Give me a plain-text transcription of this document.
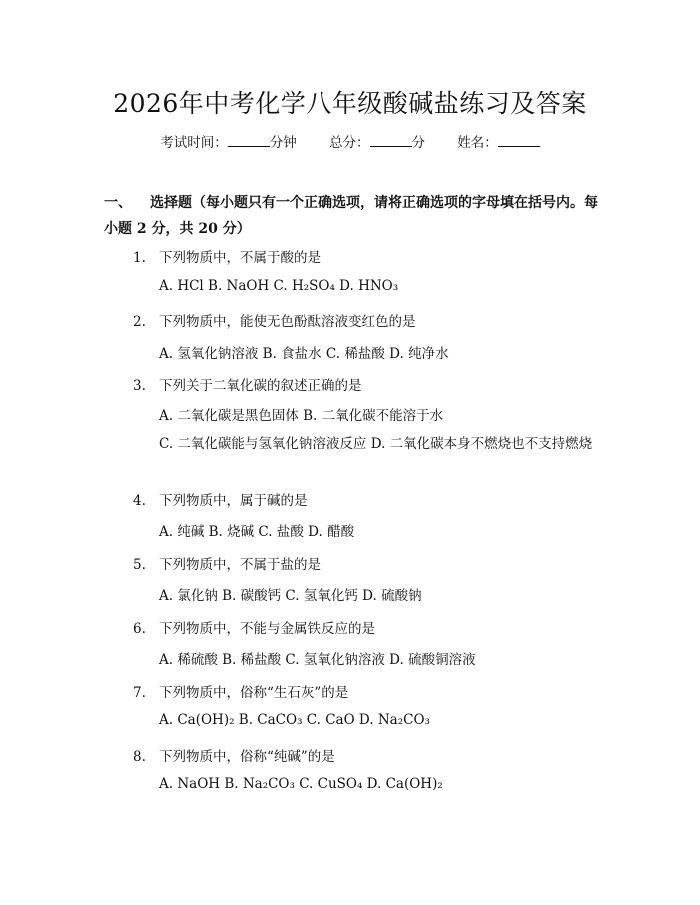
2026年中考化学八年级酸碱盐练习及答案
考试时间：	分钟 总分：	分 姓名：
一、 选择题（每小题只有一个正确选项，请将正确选项的字母填在括号内。每小题 2 分，共 20 分）
1. 下列物质中，不属于酸的是
A. HCl B. NaOH C. H₂SO₄ D. HNO₃
2. 下列物质中，能使无色酚酞溶液变红色的是
A. 氢氧化钠溶液 B. 食盐水 C. 稀盐酸 D. 纯净水
3. 下列关于二氧化碳的叙述正确的是
A. 二氧化碳是黑色固体 B. 二氧化碳不能溶于水
C. 二氧化碳能与氢氧化钠溶液反应 D. 二氧化碳本身不燃烧也不支持燃烧
4. 下列物质中，属于碱的是
A. 纯碱 B. 烧碱 C. 盐酸 D. 醋酸
5. 下列物质中，不属于盐的是
A. 氯化钠 B. 碳酸钙 C. 氢氧化钙 D. 硫酸钠
6. 下列物质中，不能与金属铁反应的是
A. 稀硫酸 B. 稀盐酸 C. 氢氧化钠溶液 D. 硫酸铜溶液
7. 下列物质中，俗称“生石灰”的是
A. Ca(OH)₂ B. CaCO₃ C. CaO D. Na₂CO₃
8. 下列物质中，俗称“纯碱”的是
A. NaOH B. Na₂CO₃ C. CuSO₄ D. Ca(OH)₂
